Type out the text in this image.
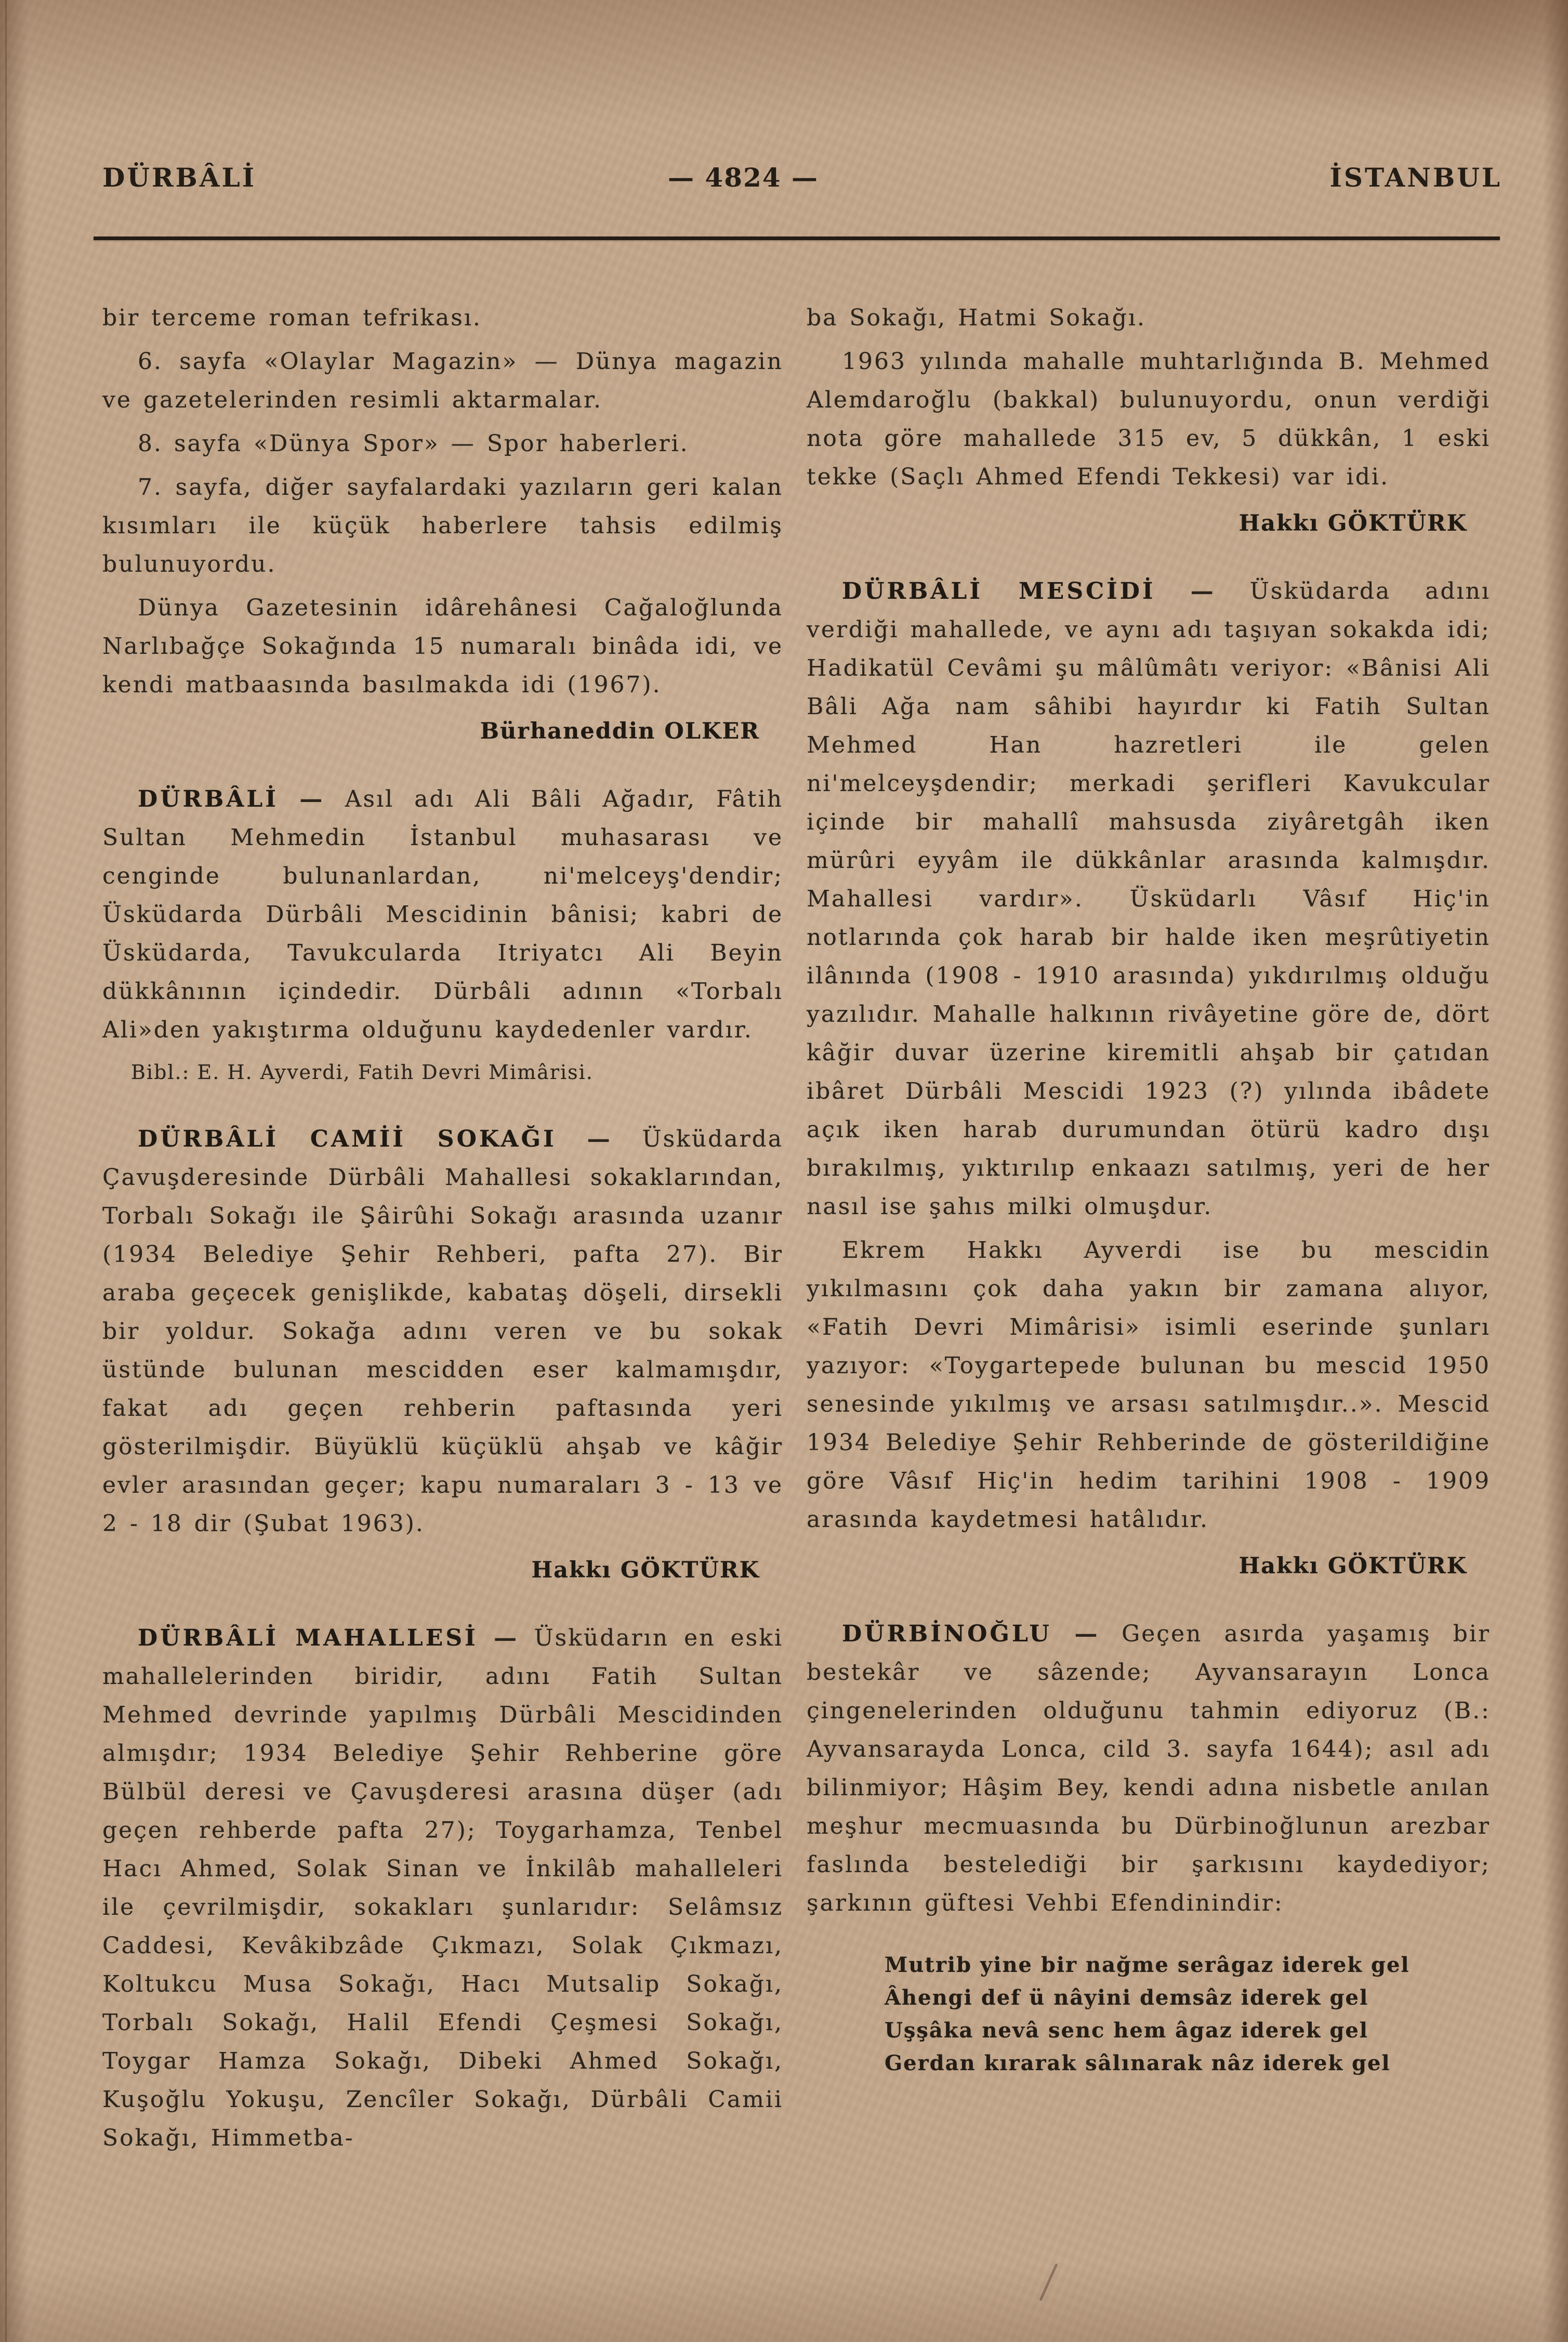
DÜRBÂLİ	— 4824 —	İSTANBUL

bir terceme roman tefrikası.

6. sayfa «Olaylar Magazin» — Dünya magazin ve gazetelerinden resimli aktarmalar.

8. sayfa «Dünya Spor» — Spor haberleri.

7. sayfa, diğer sayfalardaki yazıların geri kalan kısımları ile küçük haberlere tahsis edilmiş bulunuyordu.

Dünya Gazetesinin idârehânesi Cağaloğlunda Narlıbağçe Sokağında 15 numaralı binâda idi, ve kendi matbaasında basılmakda idi (1967).

Bürhaneddin OLKER

DÜRBÂLİ — Asıl adı Ali Bâli Ağadır, Fâtih Sultan Mehmedin İstanbul muhasarası ve cenginde bulunanlardan, ni'melceyş'dendir; Üsküdarda Dürbâli Mescidinin bânisi; kabri de Üsküdarda, Tavukcularda Itriyatcı Ali Beyin dükkânının içindedir. Dürbâli adının «Torbalı Ali»den yakıştırma olduğunu kaydedenler vardır.

Bibl.: E. H. Ayverdi, Fatih Devri Mimârisi.

DÜRBÂLİ CAMİİ SOKAĞI — Üsküdarda Çavuşderesinde Dürbâli Mahallesi sokaklarından, Torbalı Sokağı ile Şâirûhi Sokağı arasında uzanır (1934 Belediye Şehir Rehberi, pafta 27). Bir araba geçecek genişlikde, kabataş döşeli, dirsekli bir yoldur. Sokağa adını veren ve bu sokak üstünde bulunan mescidden eser kalmamışdır, fakat adı geçen rehberin paftasında yeri gösterilmişdir. Büyüklü küçüklü ahşab ve kâğir evler arasından geçer; kapu numaraları 3 - 13 ve 2 - 18 dir (Şubat 1963).

Hakkı GÖKTÜRK

DÜRBÂLİ MAHALLESİ — Üsküdarın en eski mahallelerinden biridir, adını Fatih Sultan Mehmed devrinde yapılmış Dürbâli Mescidinden almışdır; 1934 Belediye Şehir Rehberine göre Bülbül deresi ve Çavuşderesi arasına düşer (adı geçen rehberde pafta 27); Toygarhamza, Tenbel Hacı Ahmed, Solak Sinan ve İnkilâb mahalleleri ile çevrilmişdir, sokakları şunlarıdır: Selâmsız Caddesi, Kevâkibzâde Çıkmazı, Solak Çıkmazı, Koltukcu Musa Sokağı, Hacı Mutsalip Sokağı, Torbalı Sokağı, Halil Efendi Çeşmesi Sokağı, Toygar Hamza Sokağı, Dibeki Ahmed Sokağı, Kuşoğlu Yokuşu, Zencîler Sokağı, Dürbâli Camii Sokağı, Himmetba-

ba Sokağı, Hatmi Sokağı.

1963 yılında mahalle muhtarlığında B. Mehmed Alemdaroğlu (bakkal) bulunuyordu, onun verdiği nota göre mahallede 315 ev, 5 dükkân, 1 eski tekke (Saçlı Ahmed Efendi Tekkesi) var idi.

Hakkı GÖKTÜRK

DÜRBÂLİ MESCİDİ — Üsküdarda adını verdiği mahallede, ve aynı adı taşıyan sokakda idi; Hadikatül Cevâmi şu mâlûmâtı veriyor: «Bânisi Ali Bâli Ağa nam sâhibi hayırdır ki Fatih Sultan Mehmed Han hazretleri ile gelen ni'melceyşdendir; merkadi şerifleri Kavukcular içinde bir mahallî mahsusda ziyâretgâh iken mürûri eyyâm ile dükkânlar arasında kalmışdır. Mahallesi vardır». Üsküdarlı Vâsıf Hiç'in notlarında çok harab bir halde iken meşrûtiyetin ilânında (1908 - 1910 arasında) yıkdırılmış olduğu yazılıdır. Mahalle halkının rivâyetine göre de, dört kâğir duvar üzerine kiremitli ahşab bir çatıdan ibâret Dürbâli Mescidi 1923 (?) yılında ibâdete açık iken harab durumundan ötürü kadro dışı bırakılmış, yıktırılıp enkaazı satılmış, yeri de her nasıl ise şahıs milki olmuşdur.

Ekrem Hakkı Ayverdi ise bu mescidin yıkılmasını çok daha yakın bir zamana alıyor, «Fatih Devri Mimârisi» isimli eserinde şunları yazıyor: «Toygartepede bulunan bu mescid 1950 senesinde yıkılmış ve arsası satılmışdır..». Mescid 1934 Belediye Şehir Rehberinde de gösterildiğine göre Vâsıf Hiç'in hedim tarihini 1908 - 1909 arasında kaydetmesi hatâlıdır.

Hakkı GÖKTÜRK

DÜRBİNOĞLU — Geçen asırda yaşamış bir bestekâr ve sâzende; Ayvansarayın Lonca çingenelerinden olduğunu tahmin ediyoruz (B.: Ayvansarayda Lonca, cild 3. sayfa 1644); asıl adı bilinmiyor; Hâşim Bey, kendi adına nisbetle anılan meşhur mecmuasında bu Dürbinoğlunun arezbar faslında bestelediği bir şarkısını kaydediyor; şarkının güftesi Vehbi Efendinindir:

Mutrib yine bir nağme serâgaz iderek gel
Âhengi def ü nâyini demsâz iderek gel
Uşşâka nevâ senc hem âgaz iderek gel
Gerdan kırarak sâlınarak nâz iderek gel
